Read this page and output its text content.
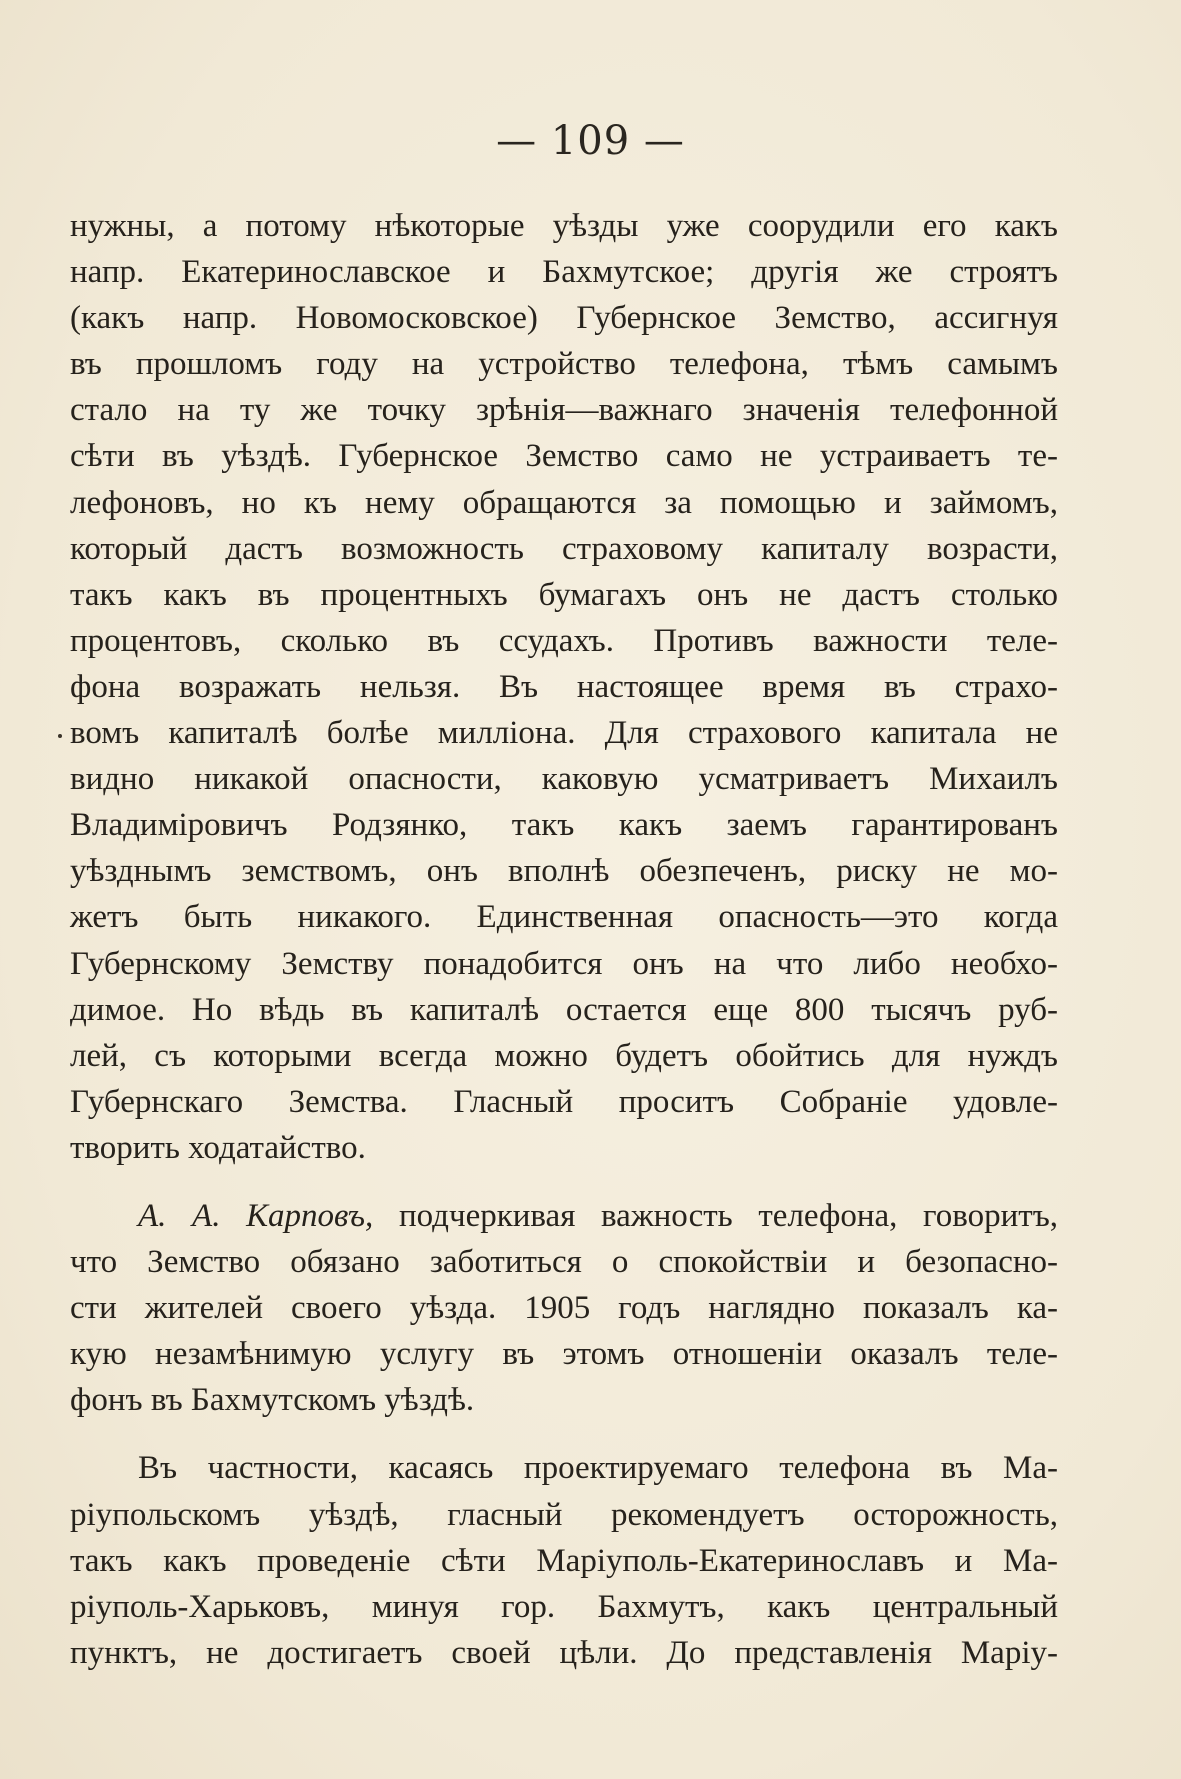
— 109 —
нужны, а потому нѣкоторые уѣзды уже соорудили его какъ
напр. Екатеринославское и Бахмутское; другія же строятъ
(какъ напр. Новомосковское) Губернское Земство, ассигнуя
въ прошломъ году на устройство телефона, тѣмъ самымъ
стало на ту же точку зрѣнія—важнаго значенія телефонной
сѣти въ уѣздѣ. Губернское Земство само не устраиваетъ те-
лефоновъ, но къ нему обращаются за помощью и займомъ,
который дастъ возможность страховому капиталу возрасти,
такъ какъ въ процентныхъ бумагахъ онъ не дастъ столько
процентовъ, сколько въ ссудахъ. Противъ важности теле-
фона возражать нельзя. Въ настоящее время въ страхо-
вомъ капиталѣ болѣе милліона. Для страхового капитала не
видно никакой опасности, каковую усматриваетъ Михаилъ
Владиміровичъ Родзянко, такъ какъ заемъ гарантированъ
уѣзднымъ земствомъ, онъ вполнѣ обезпеченъ, риску не мо-
жетъ быть никакого. Единственная опасность—это когда
Губернскому Земству понадобится онъ на что либо необхо-
димое. Но вѣдь въ капиталѣ остается еще 800 тысячъ руб-
лей, съ которыми всегда можно будетъ обойтись для нуждъ
Губернскаго Земства. Гласный проситъ Собраніе удовле-
творить ходатайство.
А. А. Карповъ, подчеркивая важность телефона, говоритъ,
что Земство обязано заботиться о спокойствіи и безопасно-
сти жителей своего уѣзда. 1905 годъ наглядно показалъ ка-
кую незамѣнимую услугу въ этомъ отношеніи оказалъ теле-
фонъ въ Бахмутскомъ уѣздѣ.
Въ частности, касаясь проектируемаго телефона въ Ма-
ріупольскомъ уѣздѣ, гласный рекомендуетъ осторожность,
такъ какъ проведеніе сѣти Маріуполь-Екатеринославъ и Ма-
ріуполь-Харьковъ, минуя гор. Бахмутъ, какъ центральный
пунктъ, не достигаетъ своей цѣли. До представленія Маріу-
